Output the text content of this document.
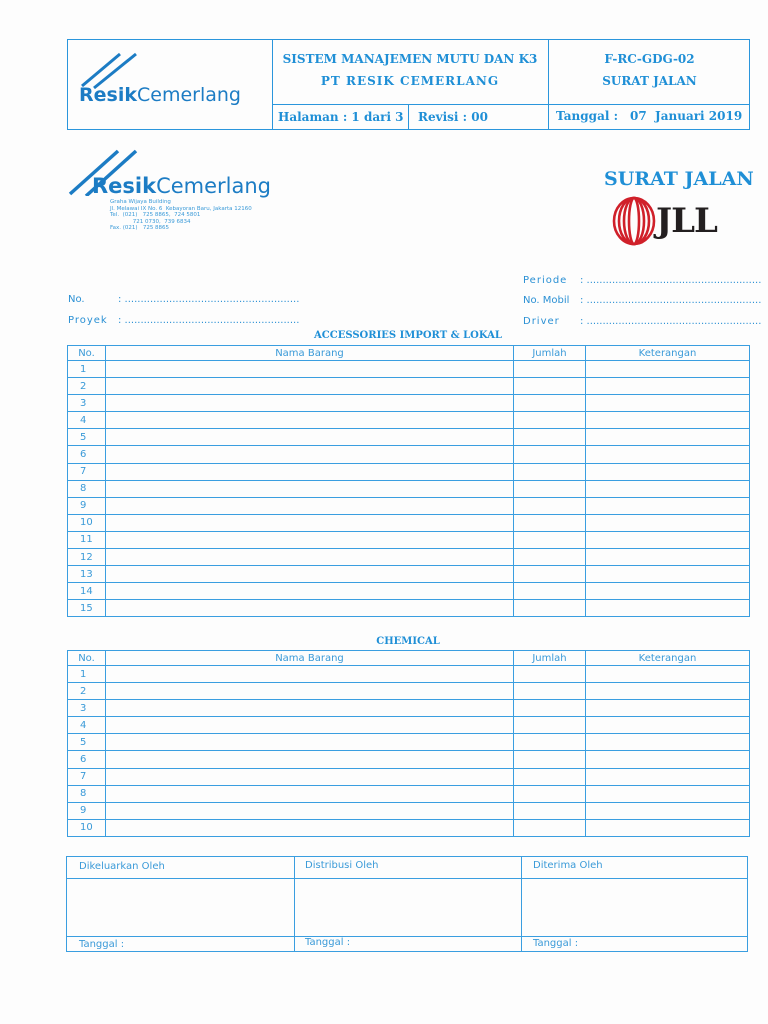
ResikCemerlang
SISTEM MANAJEMEN MUTU DAN K3
PT RESIK CEMERLANG
F-RC-GDG-02
SURAT JALAN
Halaman : 1 dari 3 Revisi : 00	Tanggal : 07  Januari 2019
ResikCemerlang
Graha Wijaya Building
Jl. Melawai IX No. 6  Kebayoran Baru, Jakarta 12160
Tel.  (021)   725 8865,  724 5801
721 0730,  739 6834
Fax. (021)   725 8865
SURAT JALAN
JLL
No.	: .......................................................
Proyek : .......................................................
Periode : .......................................................
No. Mobil : .......................................................
Driver : .......................................................
ACCESSORIES IMPORT & LOKAL
No.	Nama Barang	Jumlah	Keterangan
1			
2			
3			
4			
5			
6			
7			
8			
9			
10			
11			
12			
13			
14			
15			
CHEMICAL
No.	Nama Barang	Jumlah	Keterangan
1			
2			
3			
4			
5			
6			
7			
8			
9			
10			
Dikeluarkan Oleh	Distribusi Oleh	Diterima Oleh
Tanggal :	Tanggal :	Tanggal :
